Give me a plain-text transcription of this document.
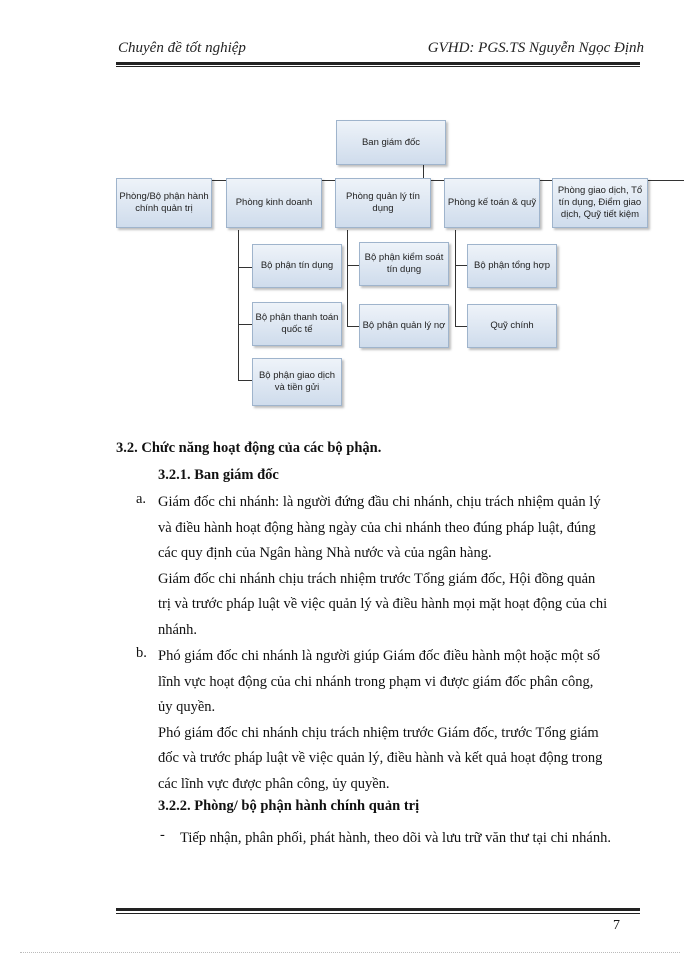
Chuyên đề tốt nghiệp	GVHD: PGS.TS Nguyễn Ngọc Định
Ban giám đốc
Phòng/Bộ phận hành chính quản trị
Phòng kinh doanh
Phòng quản lý tín dụng
Phòng kế toán & quỹ
Phòng giao dịch, Tổ tín dụng, Điểm giao dịch, Quỹ tiết kiệm
Bộ phận tín dụng
Bộ phận thanh toán quốc tế
Bộ phận giao dịch và tiền gửi
Bộ phận kiểm soát tín dụng
Bộ phận quản lý nợ
Bộ phận tổng hợp
Quỹ chính
3.2. Chức năng hoạt động của các bộ phận.
3.2.1. Ban giám đốc
a. Giám đốc chi nhánh: là người đứng đầu chi nhánh, chịu trách nhiệm quản lý
và điều hành hoạt động hàng ngày của chi nhánh theo đúng pháp luật, đúng
các quy định của Ngân hàng Nhà nước và của ngân hàng.
Giám đốc chi nhánh chịu trách nhiệm trước Tổng giám đốc, Hội đồng quản
trị và trước pháp luật về việc quản lý và điều hành mọi mặt hoạt động của chi
nhánh.
b. Phó giám đốc chi nhánh là người giúp Giám đốc điều hành một hoặc một số
lĩnh vực hoạt động của chi nhánh trong phạm vi được giám đốc phân công,
ủy quyền.
Phó giám đốc chi nhánh chịu trách nhiệm trước Giám đốc, trước Tổng giám
đốc và trước pháp luật về việc quản lý, điều hành và kết quả hoạt động trong
các lĩnh vực được phân công, ủy quyền.
3.2.2. Phòng/ bộ phận hành chính quản trị
- Tiếp nhận, phân phối, phát hành, theo dõi và lưu trữ văn thư tại chi nhánh.
7
